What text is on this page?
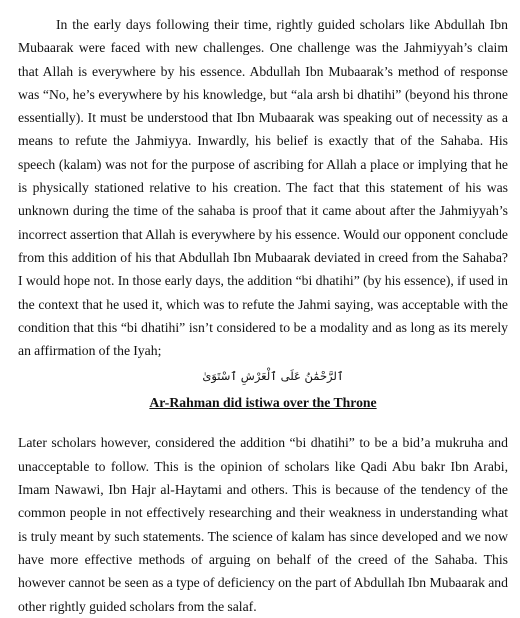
In the early days following their time, rightly guided scholars like Abdullah Ibn Mubaarak were faced with new challenges. One challenge was the Jahmiyyah’s claim that Allah is everywhere by his essence. Abdullah Ibn Mubaarak’s method of response was “No, he’s everywhere by his knowledge, but “ala arsh bi dhatihi” (beyond his throne essentially). It must be understood that Ibn Mubaarak was speaking out of necessity as a means to refute the Jahmiyya. Inwardly, his belief is exactly that of the Sahaba. His speech (kalam) was not for the purpose of ascribing for Allah a place or implying that he is physically stationed relative to his creation. The fact that this statement of his was unknown during the time of the sahaba is proof that it came about after the Jahmiyyah’s incorrect assertion that Allah is everywhere by his essence. Would our opponent conclude from this addition of his that Abdullah Ibn Mubaarak deviated in creed from the Sahaba? I would hope not. In those early days, the addition “bi dhatihi” (by his essence), if used in the context that he used it, which was to refute the Jahmi saying, was acceptable with the condition that this “bi dhatihi” isn’t considered to be a modality and as long as its merely an affirmation of the Iyah;

ٱلرَّحْمَٰنُ عَلَى ٱلْعَرْشِ ٱسْتَوَىٰ

Ar-Rahman did istiwa over the Throne

Later scholars however, considered the addition “bi dhatihi” to be a bid’a mukruha and unacceptable to follow. This is the opinion of scholars like Qadi Abu bakr Ibn Arabi, Imam Nawawi, Ibn Hajr al-Haytami and others. This is because of the tendency of the common people in not effectively researching and their weakness in understanding what is truly meant by such statements. The science of kalam has since developed and we now have more effective methods of arguing on behalf of the creed of the Sahaba. This however cannot be seen as a type of deficiency on the part of Abdullah Ibn Mubaarak and other rightly guided scholars from the salaf.
